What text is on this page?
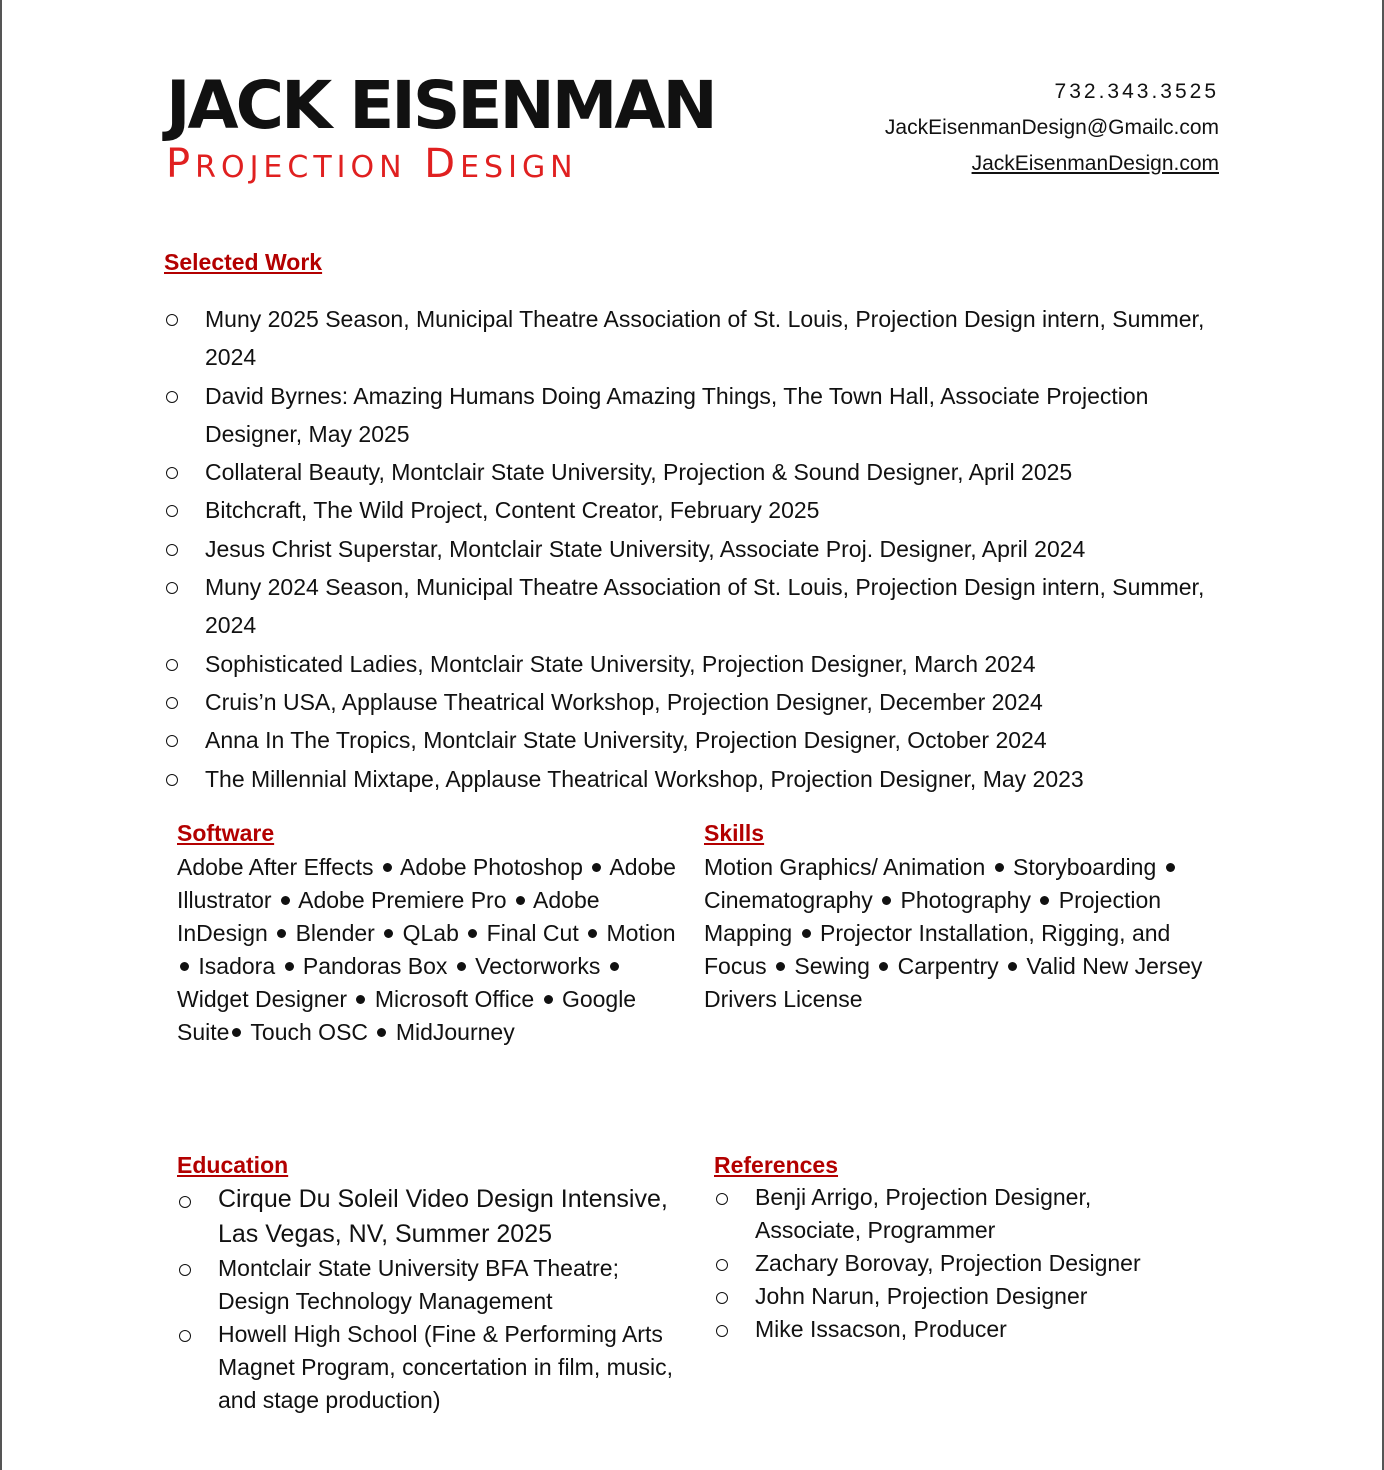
JACK EISENMAN
PROJECTION DESIGN
732.343.3525
JackEisenmanDesign@Gmailc.com
JackEisenmanDesign.com
Selected Work
Muny 2025 Season, Municipal Theatre Association of St. Louis, Projection Design intern, Summer, 2024
David Byrnes: Amazing Humans Doing Amazing Things, The Town Hall, Associate Projection Designer, May 2025
Collateral Beauty, Montclair State University, Projection & Sound Designer, April 2025
Bitchcraft, The Wild Project, Content Creator, February 2025
Jesus Christ Superstar, Montclair State University, Associate Proj. Designer, April 2024
Muny 2024 Season, Municipal Theatre Association of St. Louis, Projection Design intern, Summer, 2024
Sophisticated Ladies, Montclair State University, Projection Designer, March 2024
Cruis’n USA, Applause Theatrical Workshop, Projection Designer, December 2024
Anna In The Tropics, Montclair State University, Projection Designer, October 2024
The Millennial Mixtape, Applause Theatrical Workshop, Projection Designer, May 2023
Software
Adobe After Effects Adobe Photoshop Adobe Illustrator Adobe Premiere Pro Adobe InDesign Blender QLab Final Cut Motion  Isadora Pandoras Box Vectorworks  Widget Designer Microsoft Office Google Suite Touch OSC MidJourney
Skills
Motion Graphics/ Animation Storyboarding  Cinematography Photography Projection Mapping Projector Installation, Rigging, and Focus Sewing Carpentry Valid New Jersey Drivers License
Education
Cirque Du Soleil Video Design Intensive, Las Vegas, NV, Summer 2025
Montclair State University BFA Theatre; Design Technology Management
Howell High School (Fine & Performing Arts Magnet Program, concertation in film, music, and stage production)
References
Benji Arrigo, Projection Designer, Associate, Programmer
Zachary Borovay, Projection Designer
John Narun, Projection Designer
Mike Issacson, Producer
